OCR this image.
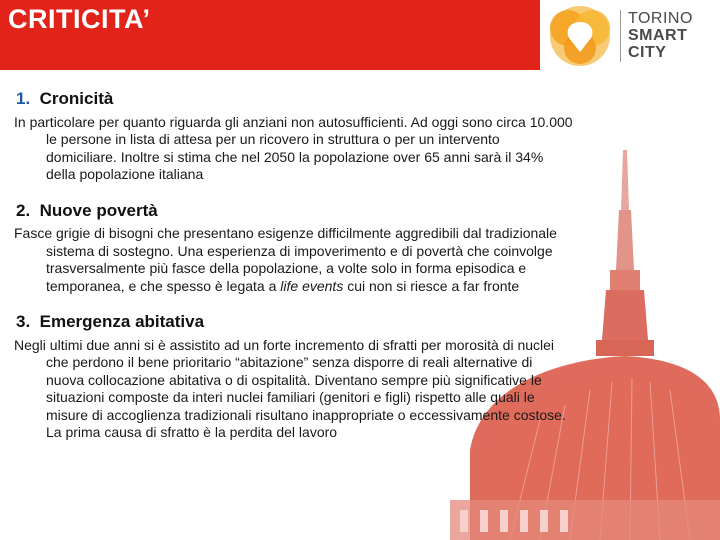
CRITICITA’	TORINO
SMART
CITY
1. Cronicità

In particolare per quanto riguarda gli anziani non autosufficienti. Ad oggi sono circa 10.000 le persone in lista di attesa per un ricovero in struttura o per un intervento domiciliare. Inoltre si stima che nel 2050 la popolazione over 65 anni sarà il 34% della popolazione italiana

2. Nuove povertà

Fasce grigie di bisogni che presentano esigenze difficilmente aggredibili dal tradizionale sistema di sostegno. Una esperienza di impoverimento e di povertà che coinvolge trasversalmente più fasce della popolazione, a volte solo in forma episodica e temporanea, e che spesso è legata a life events cui non si riesce a far fronte

3. Emergenza abitativa

Negli ultimi due anni si è assistito ad un forte incremento di sfratti per morosità di nuclei che perdono il bene prioritario “abitazione” senza disporre di reali alternative di nuova collocazione abitativa o di ospitalità. Diventano sempre più significative le situazioni composte da interi nuclei familiari (genitori e figli) rispetto alle quali le misure di accoglienza tradizionali risultano inappropriate o eccessivamente costose. La prima causa di sfratto è la perdita del lavoro
